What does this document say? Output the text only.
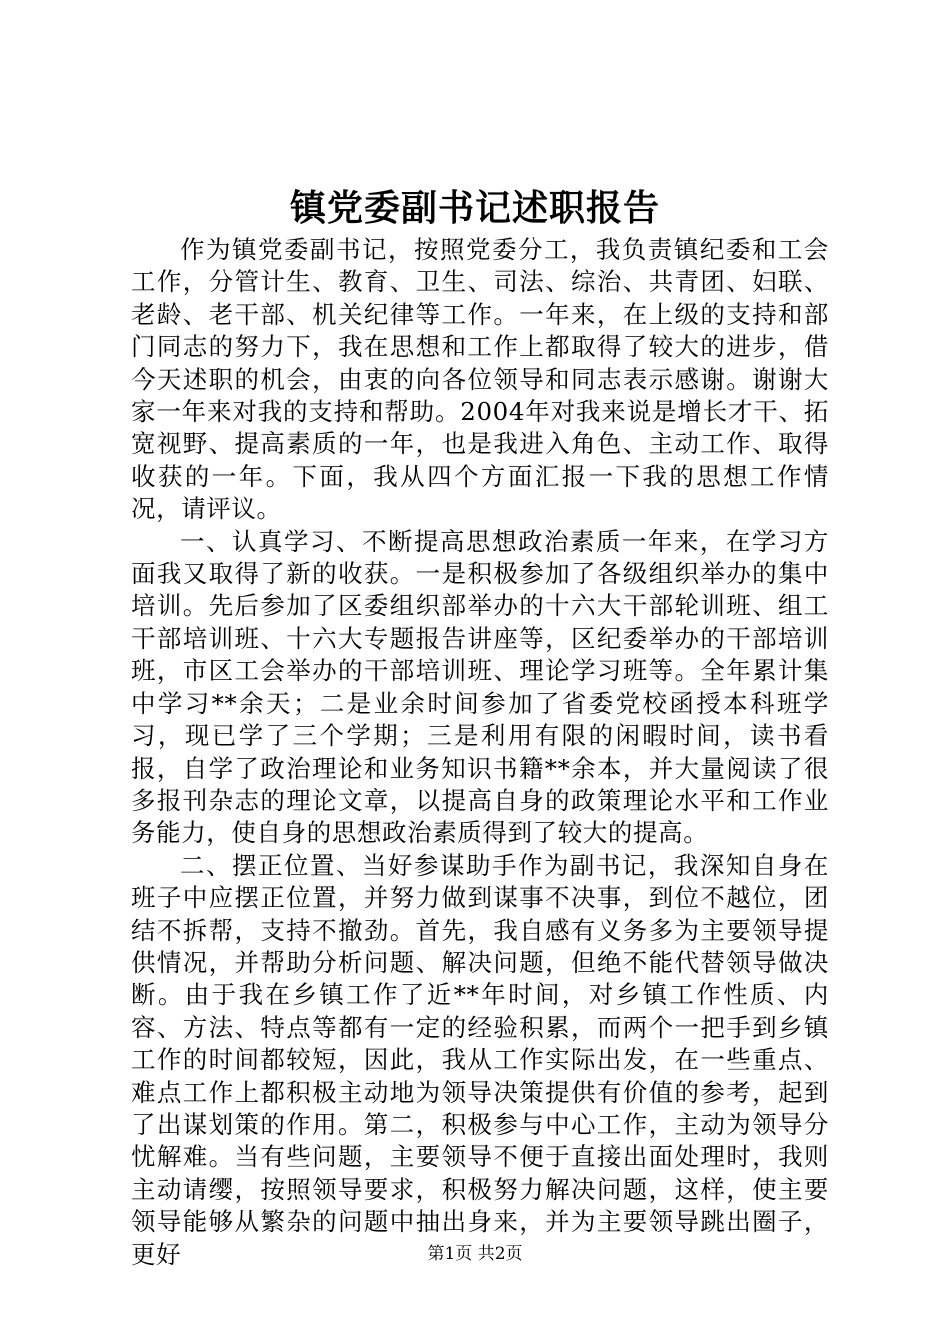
镇党委副书记述职报告

作为镇党委副书记，按照党委分工，我负责镇纪委和工会工作，分管计生、教育、卫生、司法、综治、共青团、妇联、老龄、老干部、机关纪律等工作。一年来，在上级的支持和部门同志的努力下，我在思想和工作上都取得了较大的进步，借今天述职的机会，由衷的向各位领导和同志表示感谢。谢谢大家一年来对我的支持和帮助。2004年对我来说是增长才干、拓宽视野、提高素质的一年，也是我进入角色、主动工作、取得收获的一年。下面，我从四个方面汇报一下我的思想工作情况，请评议。

一、认真学习、不断提高思想政治素质一年来，在学习方面我又取得了新的收获。一是积极参加了各级组织举办的集中培训。先后参加了区委组织部举办的十六大干部轮训班、组工干部培训班、十六大专题报告讲座等，区纪委举办的干部培训班，市区工会举办的干部培训班、理论学习班等。全年累计集中学习**余天；二是业余时间参加了省委党校函授本科班学习，现已学了三个学期；三是利用有限的闲暇时间，读书看报，自学了政治理论和业务知识书籍**余本，并大量阅读了很多报刊杂志的理论文章，以提高自身的政策理论水平和工作业务能力，使自身的思想政治素质得到了较大的提高。

二、摆正位置、当好参谋助手作为副书记，我深知自身在班子中应摆正位置，并努力做到谋事不决事，到位不越位，团结不拆帮，支持不撤劲。首先，我自感有义务多为主要领导提供情况，并帮助分析问题、解决问题，但绝不能代替领导做决断。由于我在乡镇工作了近**年时间，对乡镇工作性质、内容、方法、特点等都有一定的经验积累，而两个一把手到乡镇工作的时间都较短，因此，我从工作实际出发，在一些重点、难点工作上都积极主动地为领导决策提供有价值的参考，起到了出谋划策的作用。第二，积极参与中心工作，主动为领导分忧解难。当有些问题，主要领导不便于直接出面处理时，我则主动请缨，按照领导要求，积极努力解决问题，这样，使主要领导能够从繁杂的问题中抽出身来，并为主要领导跳出圈子，更好	第1页 共2页
